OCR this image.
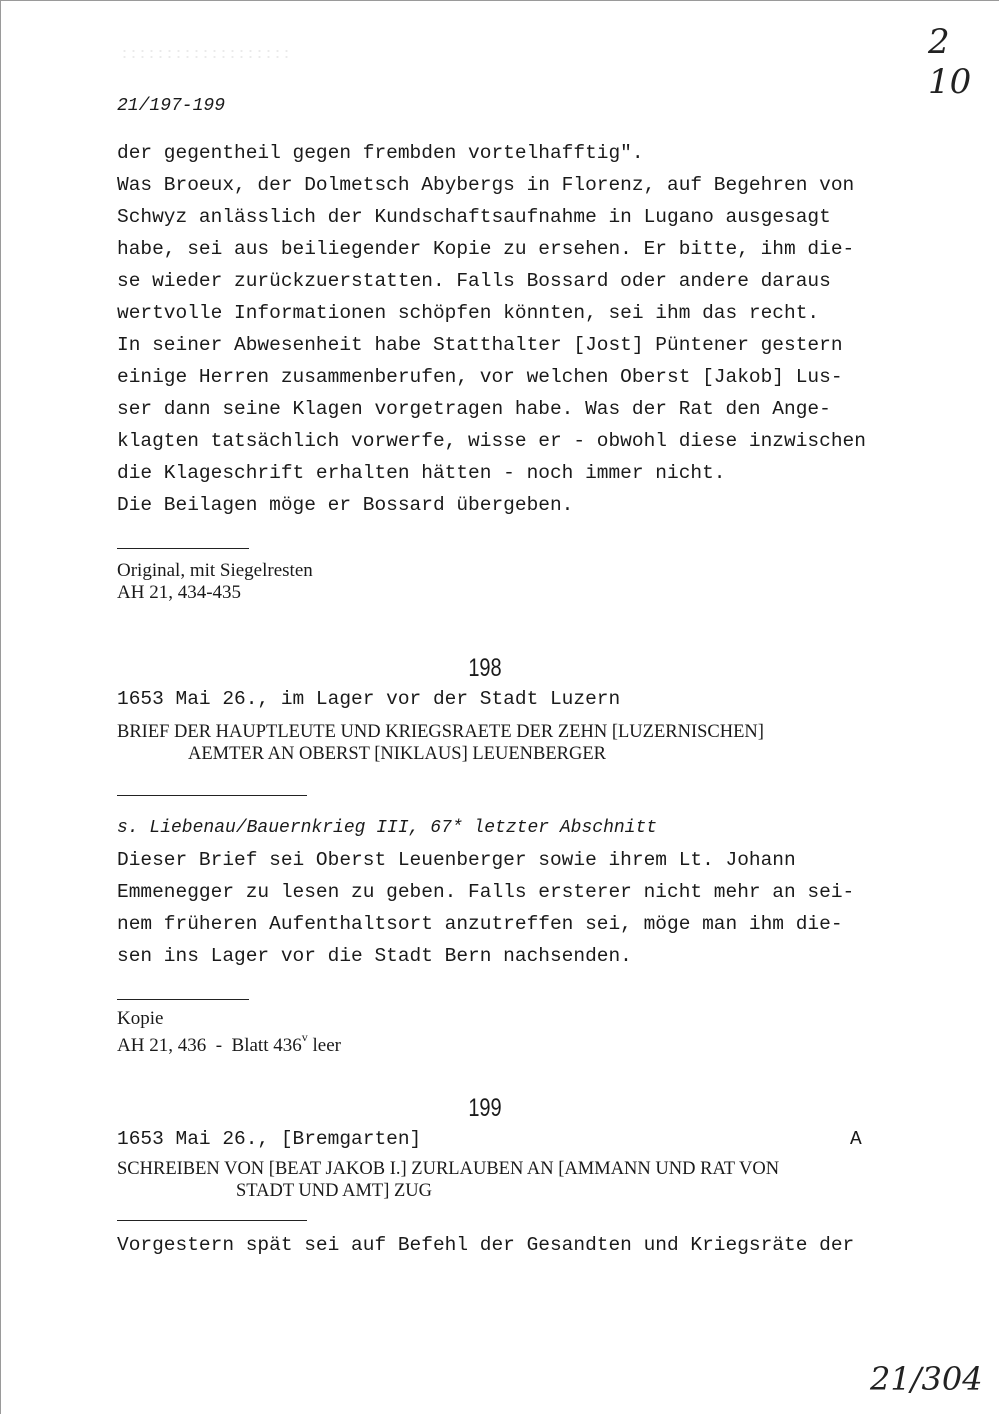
2 10
21/197-199
der gegentheil gegen frembden vortelhafftig".
Was Broeux, der Dolmetsch Abybergs in Florenz, auf Begehren von
Schwyz anlässlich der Kundschaftsaufnahme in Lugano ausgesagt
habe, sei aus beiliegender Kopie zu ersehen. Er bitte, ihm die-
se wieder zurückzuerstatten. Falls Bossard oder andere daraus
wertvolle Informationen schöpfen könnten, sei ihm das recht.
In seiner Abwesenheit habe Statthalter [Jost] Püntener gestern
einige Herren zusammenberufen, vor welchen Oberst [Jakob] Lus-
ser dann seine Klagen vorgetragen habe. Was der Rat den Ange-
klagten tatsächlich vorwerfe, wisse er - obwohl diese inzwischen
die Klageschrift erhalten hätten - noch immer nicht.
Die Beilagen möge er Bossard übergeben.
Original, mit Siegelresten
AH 21, 434-435
198
1653 Mai 26., im Lager vor der Stadt Luzern
BRIEF DER HAUPTLEUTE UND KRIEGSRAETE DER ZEHN [LUZERNISCHEN]
AEMTER AN OBERST [NIKLAUS] LEUENBERGER
s. Liebenau/Bauernkrieg III, 67* letzter Abschnitt
Dieser Brief sei Oberst Leuenberger sowie ihrem Lt. Johann
Emmenegger zu lesen zu geben. Falls ersterer nicht mehr an sei-
nem früheren Aufenthaltsort anzutreffen sei, möge man ihm die-
sen ins Lager vor die Stadt Bern nachsenden.
Kopie
AH 21, 436 - Blatt 436$^v$ leer
199
1653 Mai 26., [Bremgarten]	A
SCHREIBEN VON [BEAT JAKOB I.] ZURLAUBEN AN [AMMANN UND RAT VON
STADT UND AMT] ZUG
Vorgestern spät sei auf Befehl der Gesandten und Kriegsräte der
21/304
